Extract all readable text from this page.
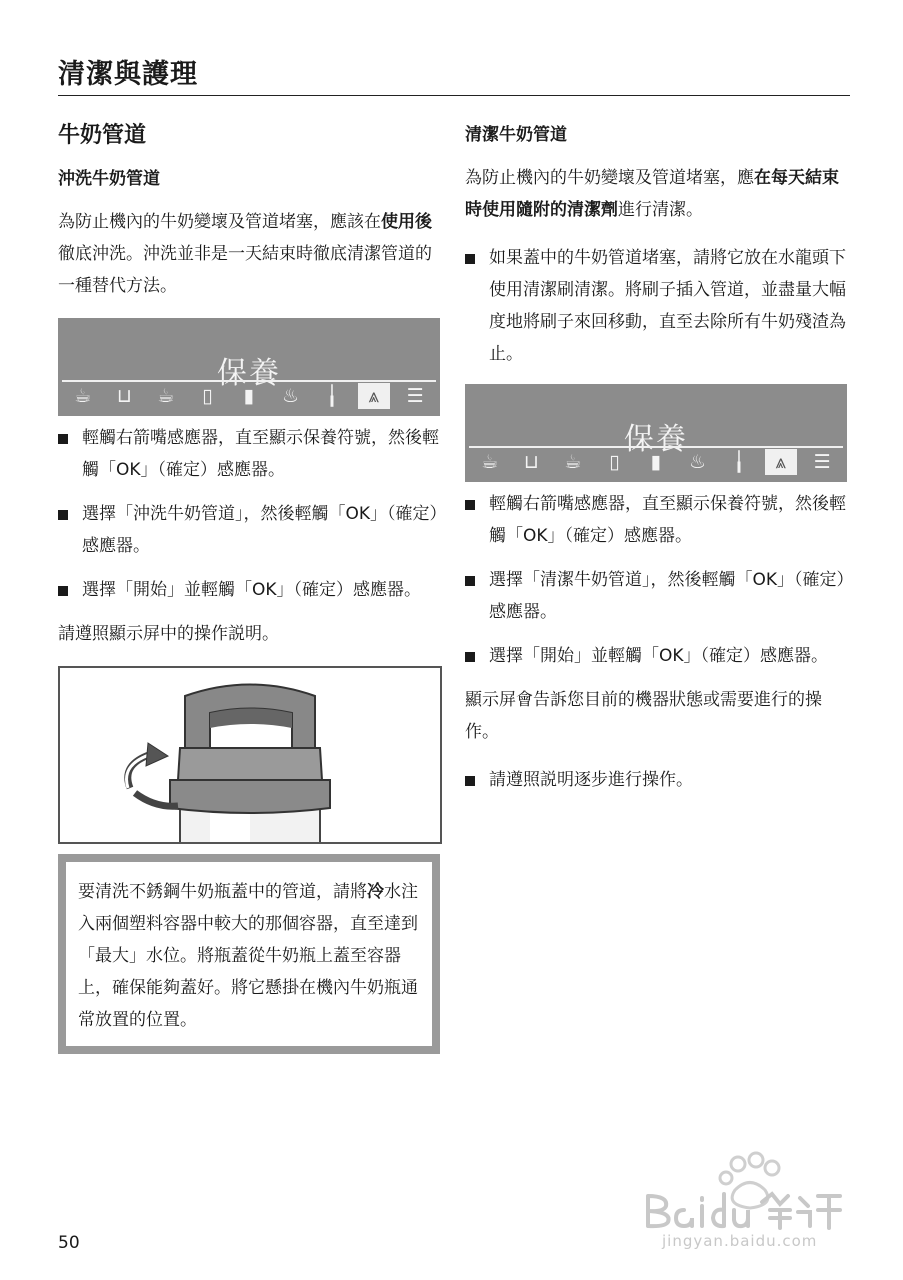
清潔與護理
牛奶管道
沖洗牛奶管道

為防止機內的牛奶變壞及管道堵塞，應該在使用後徹底沖洗。沖洗並非是一天結束時徹底清潔管道的一種替代方法。

保養
☕	⊔	☕	▯	▮	♨	╽	⩓	☰
輕觸右箭嘴感應器，直至顯示保養符號，然後輕觸「OK」（確定）感應器。
選擇「沖洗牛奶管道」，然後輕觸「OK」（確定）感應器。
選擇「開始」並輕觸「OK」（確定）感應器。

請遵照顯示屏中的操作説明。

要清洗不銹鋼牛奶瓶蓋中的管道，請將冷水注入兩個塑料容器中較大的那個容器，直至達到「最大」水位。將瓶蓋從牛奶瓶上蓋至容器上，確保能夠蓋好。將它懸掛在機內牛奶瓶通常放置的位置。
清潔牛奶管道

為防止機內的牛奶變壞及管道堵塞，應在每天結束時使用隨附的清潔劑進行清潔。

如果蓋中的牛奶管道堵塞，請將它放在水龍頭下使用清潔刷清潔。將刷子插入管道，並盡量大幅度地將刷子來回移動，直至去除所有牛奶殘渣為止。
保養
☕	⊔	☕	▯	▮	♨	╽	⩓	☰
輕觸右箭嘴感應器，直至顯示保養符號，然後輕觸「OK」（確定）感應器。
選擇「清潔牛奶管道」，然後輕觸「OK」（確定）感應器。
選擇「開始」並輕觸「OK」（確定）感應器。

顯示屏會告訴您目前的機器狀態或需要進行的操作。

請遵照説明逐步進行操作。
jingyan.baidu.com
50
